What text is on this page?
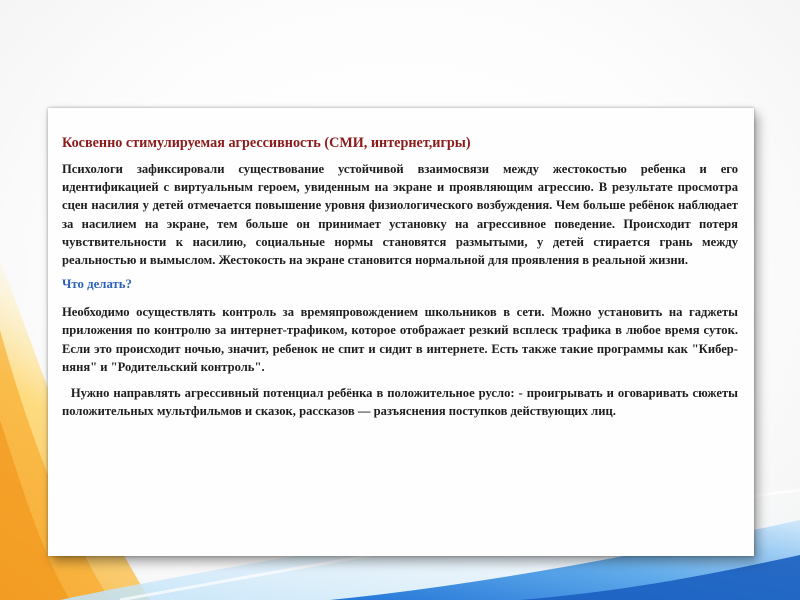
Косвенно стимулируемая агрессивность (СМИ, интернет,игры)

Психологи зафиксировали существование устойчивой взаимосвязи между жестокостью ребенка и его идентификацией с виртуальным героем, увиденным на экране и проявляющим агрессию. В результате просмотра сцен насилия у детей отмечается повышение уровня физиологического возбуждения. Чем больше ребёнок наблюдает за насилием на экране, тем больше он принимает установку на агрессивное поведение. Происходит потеря чувствительности к насилию, социальные нормы становятся размытыми, у детей стирается грань между реальностью и вымыслом. Жестокость на экране становится нормальной для проявления в реальной жизни.

Что делать?

Необходимо осуществлять контроль за времяпровождением школьников в сети. Можно установить на гаджеты приложения по контролю за интернет-трафиком, которое отображает резкий всплеск трафика в любое время суток. Если это происходит ночью, значит, ребенок не спит и сидит в интернете. Есть также такие программы как "Кибер-няня" и "Родительский контроль".

Нужно направлять агрессивный потенциал ребёнка в положительное русло: - проигрывать и оговаривать сюжеты положительных мультфильмов и сказок, рассказов — разъяснения поступков действующих лиц.
